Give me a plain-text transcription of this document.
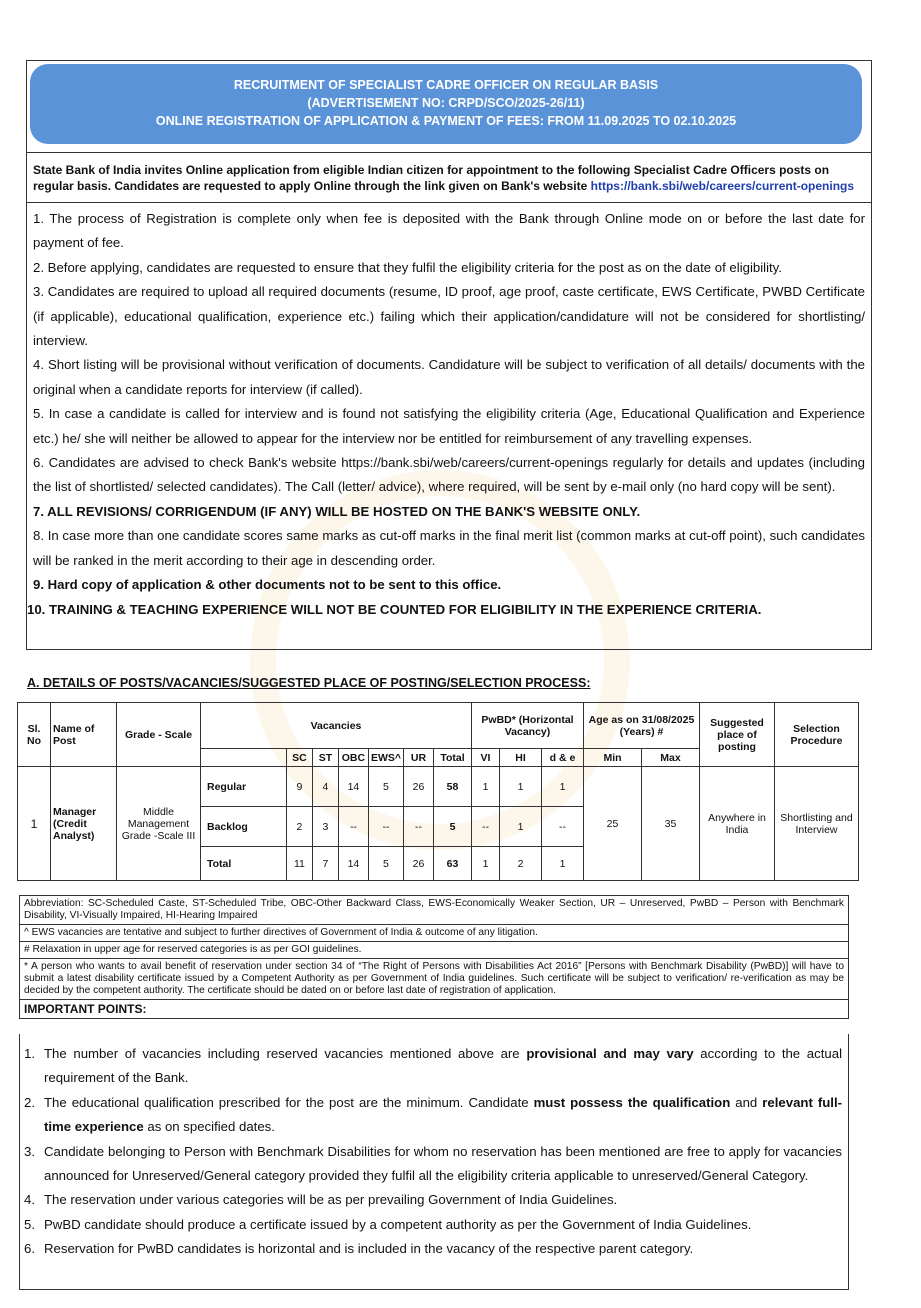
RECRUITMENT OF SPECIALIST CADRE OFFICER ON REGULAR BASIS
(ADVERTISEMENT NO: CRPD/SCO/2025-26/11)
ONLINE REGISTRATION OF APPLICATION & PAYMENT OF FEES: FROM 11.09.2025 TO 02.10.2025
State Bank of India invites Online application from eligible Indian citizen for appointment to the following Specialist Cadre Officers posts on regular basis. Candidates are requested to apply Online through the link given on Bank's website https://bank.sbi/web/careers/current-openings

1. The process of Registration is complete only when fee is deposited with the Bank through Online mode on or before the last date for payment of fee.

2. Before applying, candidates are requested to ensure that they fulfil the eligibility criteria for the post as on the date of eligibility.

3. Candidates are required to upload all required documents (resume, ID proof, age proof, caste certificate, EWS Certificate, PWBD Certificate (if applicable), educational qualification, experience etc.) failing which their application/candidature will not be considered for shortlisting/ interview.

4. Short listing will be provisional without verification of documents. Candidature will be subject to verification of all details/ documents with the original when a candidate reports for interview (if called).

5. In case a candidate is called for interview and is found not satisfying the eligibility criteria (Age, Educational Qualification and Experience etc.) he/ she will neither be allowed to appear for the interview nor be entitled for reimbursement of any travelling expenses.

6. Candidates are advised to check Bank's website https://bank.sbi/web/careers/current-openings regularly for details and updates (including the list of shortlisted/ selected candidates). The Call (letter/ advice), where required, will be sent by e-mail only (no hard copy will be sent).

7. ALL REVISIONS/ CORRIGENDUM (IF ANY) WILL BE HOSTED ON THE BANK'S WEBSITE ONLY.

8. In case more than one candidate scores same marks as cut-off marks in the final merit list (common marks at cut-off point), such candidates will be ranked in the merit according to their age in descending order.

9. Hard copy of application & other documents not to be sent to this office.

10. TRAINING & TEACHING EXPERIENCE WILL NOT BE COUNTED FOR ELIGIBILITY IN THE EXPERIENCE CRITERIA.

A. DETAILS OF POSTS/VACANCIES/SUGGESTED PLACE OF POSTING/SELECTION PROCESS:
Sl. No	Name of Post	Grade - Scale	Vacancies							PwBD* (Horizontal Vacancy)			Age as on 31/08/2025 (Years) #		Suggested place of posting	Selection Procedure
				SC	ST	OBC	EWS^	UR	Total	VI	HI	d & e	Min	Max		
1	Manager (Credit Analyst)	Middle Management Grade -Scale III	Regular	9	4	14	5	26	58	1	1	1	25	35	Anywhere in India	Shortlisting and Interview
			Backlog	2	3	--	--	--	5	--	1	--				
			Total	11	7	14	5	26	63	1	2	1				
Abbreviation: SC-Scheduled Caste, ST-Scheduled Tribe, OBC-Other Backward Class, EWS-Economically Weaker Section, UR – Unreserved, PwBD – Person with Benchmark Disability, VI-Visually Impaired, HI-Hearing Impaired
^ EWS vacancies are tentative and subject to further directives of Government of India & outcome of any litigation.
# Relaxation in upper age for reserved categories is as per GOI guidelines.
* A person who wants to avail benefit of reservation under section 34 of “The Right of Persons with Disabilities Act 2016” [Persons with Benchmark Disability (PwBD)] will have to submit a latest disability certificate issued by a Competent Authority as per Government of India guidelines. Such certificate will be subject to verification/ re-verification as may be decided by the competent authority. The certificate should be dated on or before last date of registration of application.
IMPORTANT POINTS:
1. The number of vacancies including reserved vacancies mentioned above are provisional and may vary according to the actual requirement of the Bank.
2. The educational qualification prescribed for the post are the minimum. Candidate must possess the qualification and relevant full-time experience as on specified dates.
3. Candidate belonging to Person with Benchmark Disabilities for whom no reservation has been mentioned are free to apply for vacancies announced for Unreserved/General category provided they fulfil all the eligibility criteria applicable to unreserved/General Category.
4. The reservation under various categories will be as per prevailing Government of India Guidelines.
5. PwBD candidate should produce a certificate issued by a competent authority as per the Government of India Guidelines.
6. Reservation for PwBD candidates is horizontal and is included in the vacancy of the respective parent category.
